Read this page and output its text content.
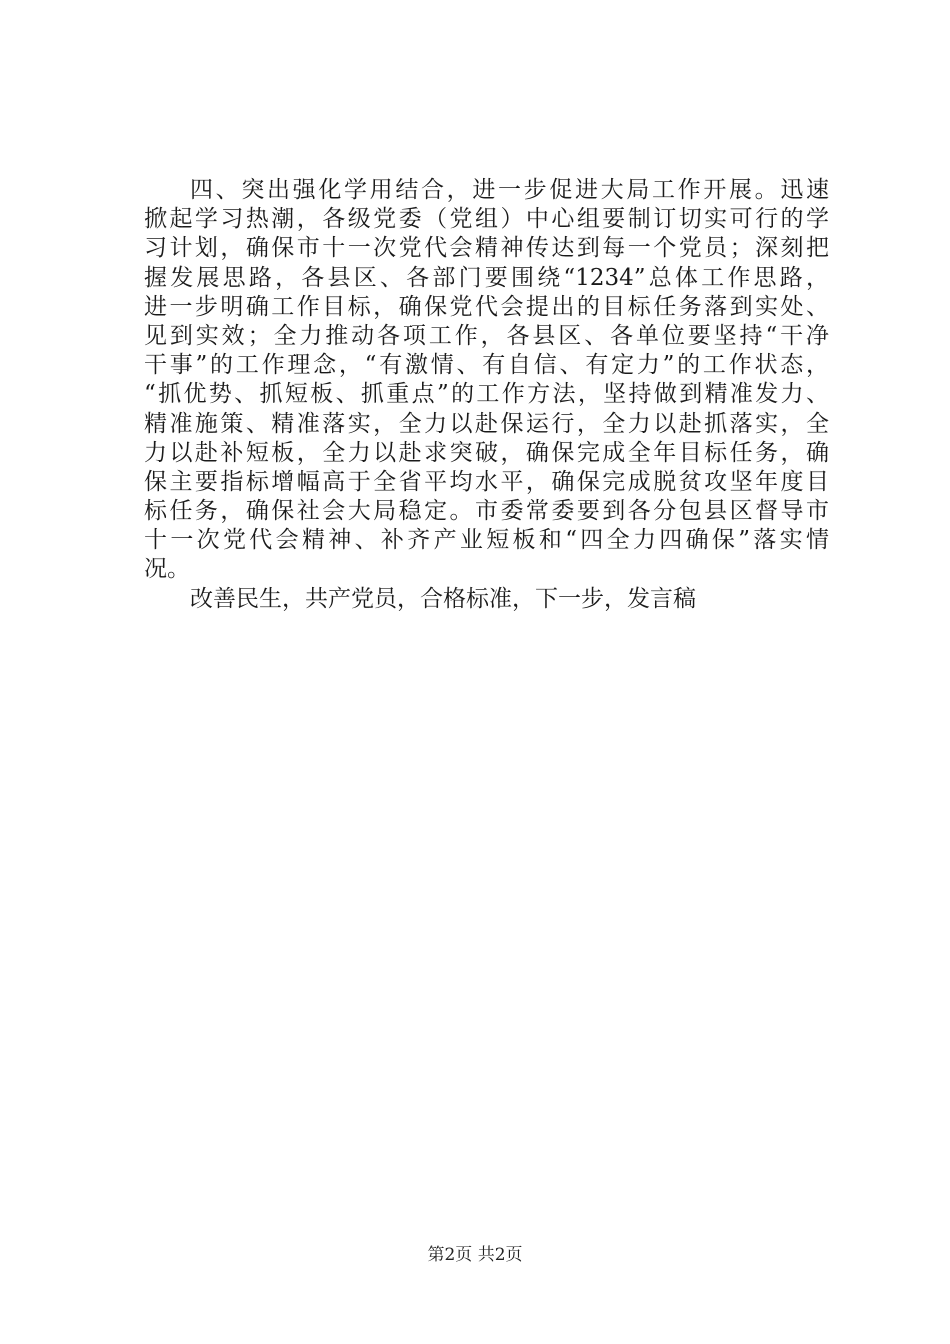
四、突出强化学用结合，进一步促进大局工作开展。迅速
掀起学习热潮，各级党委（党组）中心组要制订切实可行的学
习计划，确保市十一次党代会精神传达到每一个党员；深刻把
握发展思路，各县区、各部门要围绕“1234”总体工作思路，
进一步明确工作目标，确保党代会提出的目标任务落到实处、
见到实效；全力推动各项工作，各县区、各单位要坚持“干净
干事”的工作理念，“有激情、有自信、有定力”的工作状态，
“抓优势、抓短板、抓重点”的工作方法，坚持做到精准发力、
精准施策、精准落实，全力以赴保运行，全力以赴抓落实，全
力以赴补短板，全力以赴求突破，确保完成全年目标任务，确
保主要指标增幅高于全省平均水平，确保完成脱贫攻坚年度目
标任务，确保社会大局稳定。市委常委要到各分包县区督导市
十一次党代会精神、补齐产业短板和“四全力四确保”落实情
况。
改善民生，共产党员，合格标准，下一步，发言稿
第2页 共2页
